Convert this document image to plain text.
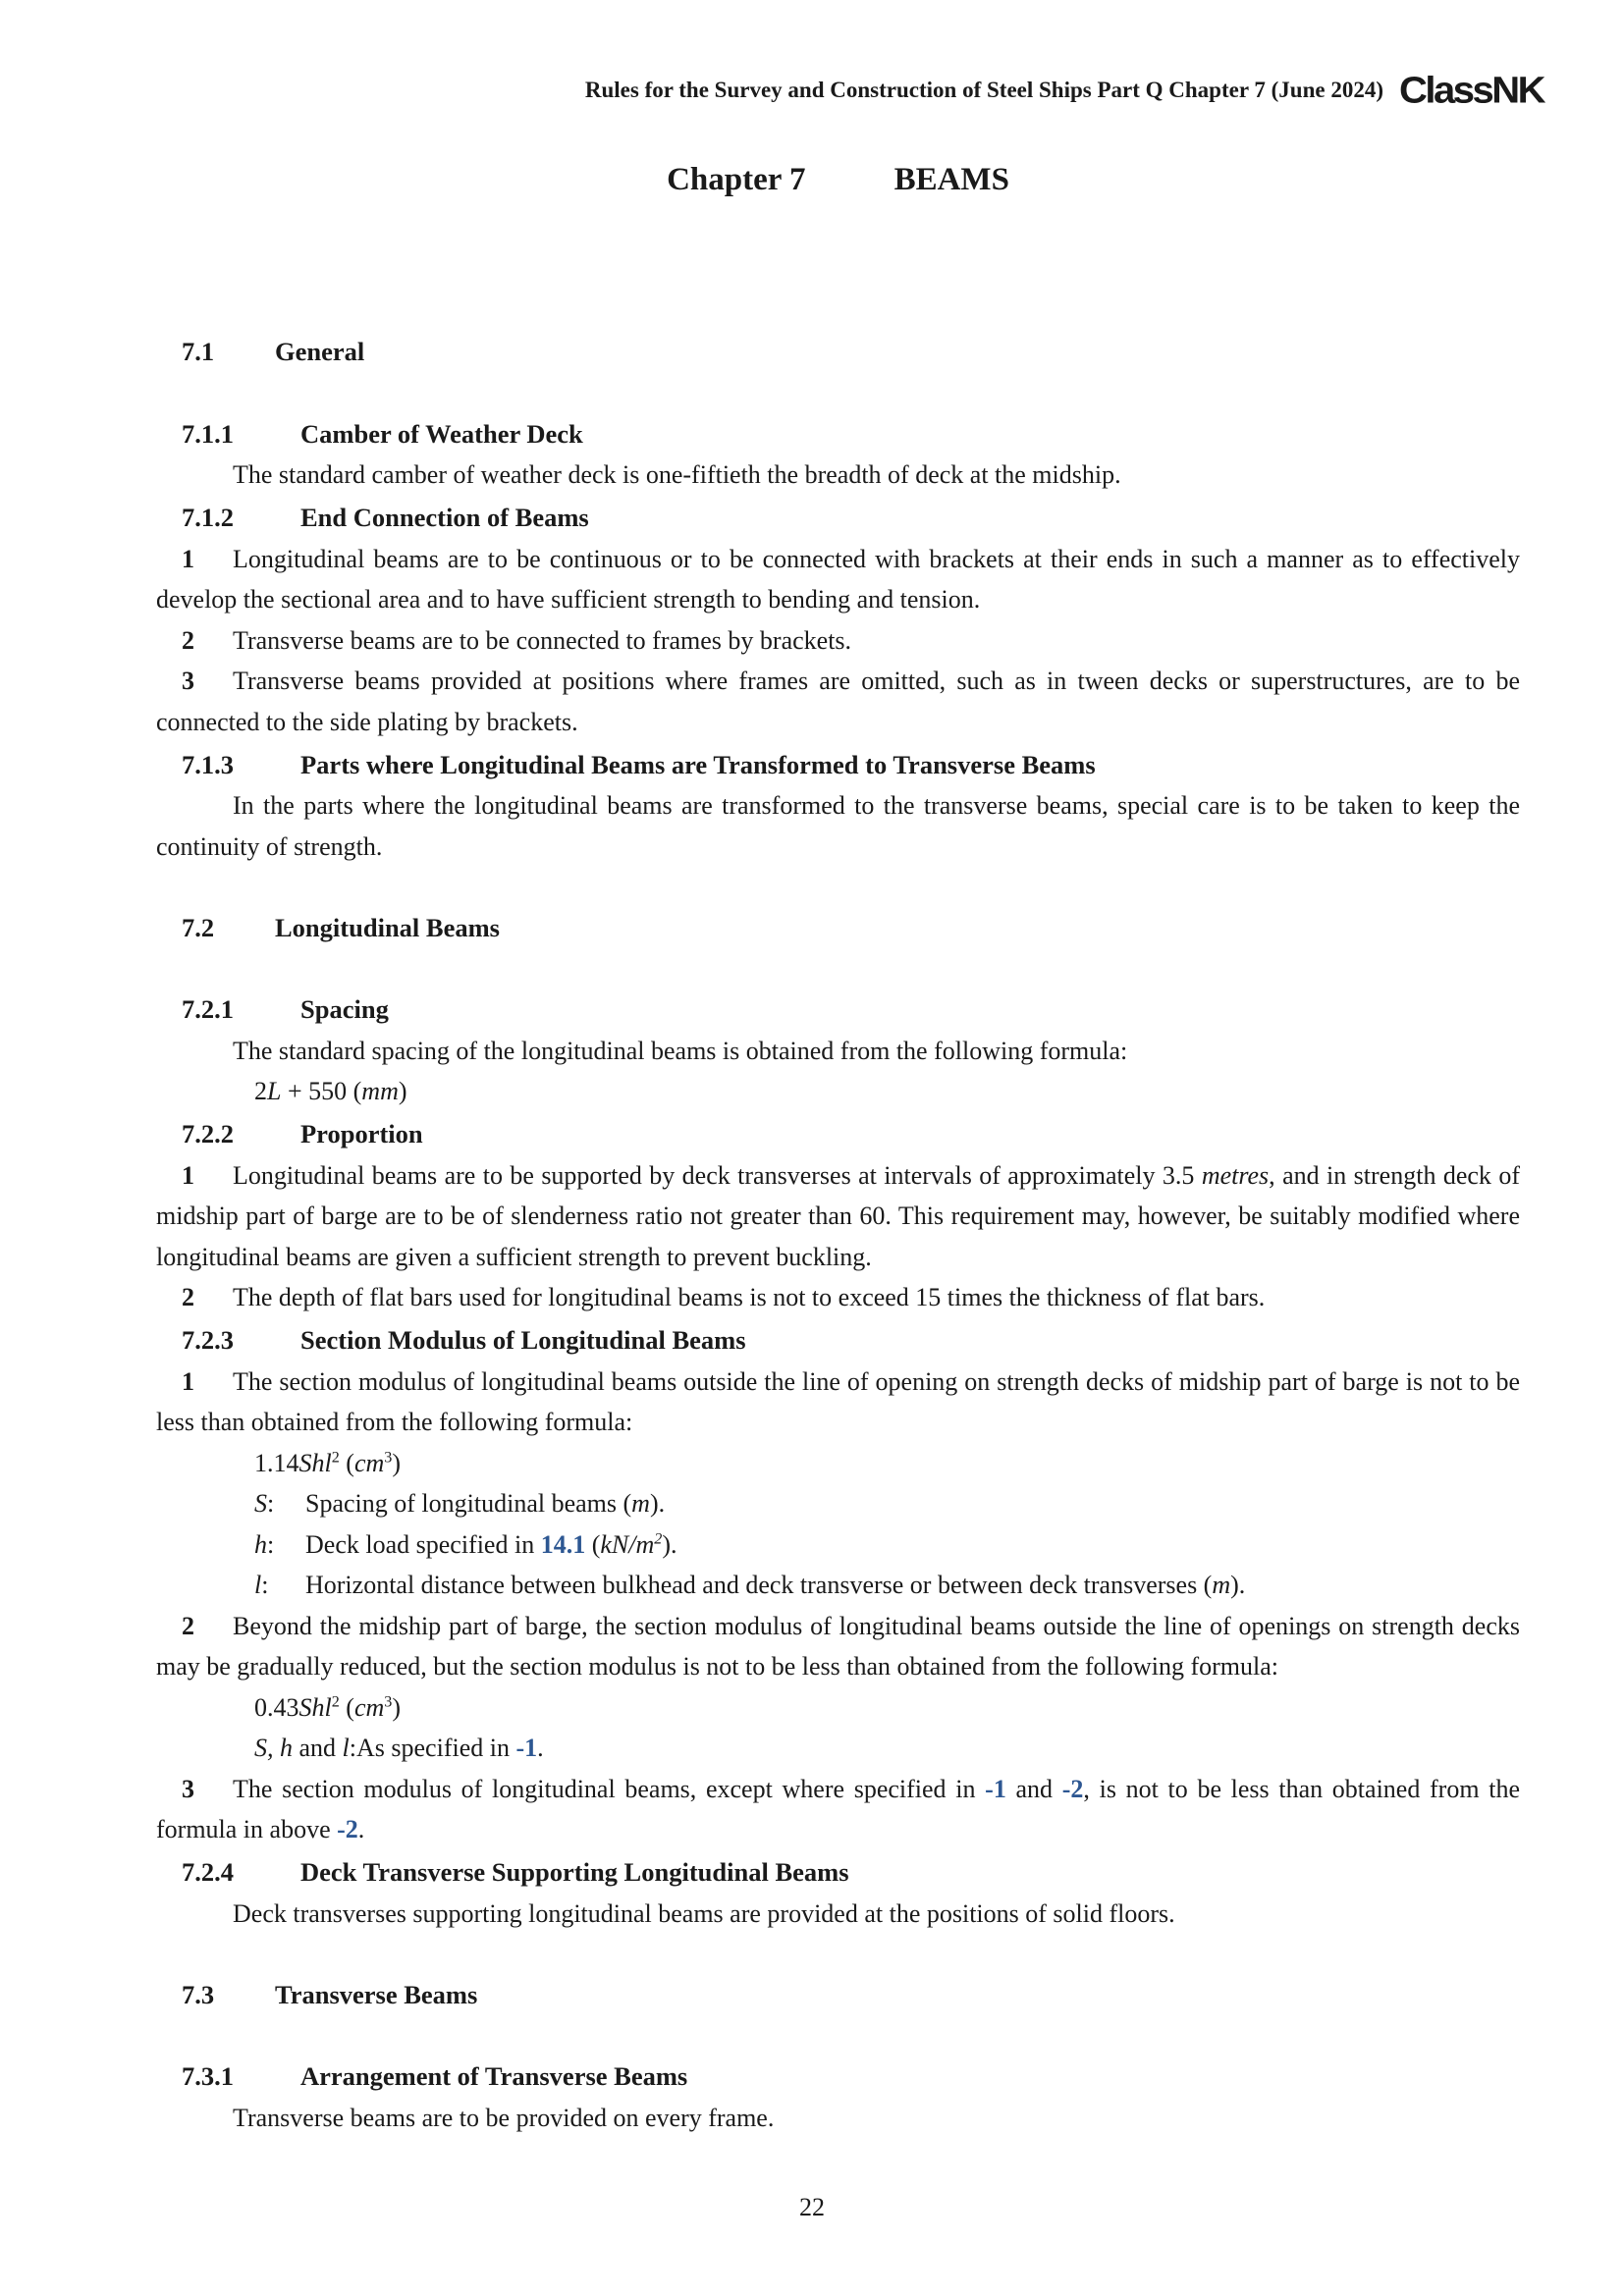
Rules for the Survey and Construction of Steel Ships Part Q Chapter 7 (June 2024) ClassNK
Chapter 7	BEAMS

7.1 General

7.1.1	Camber of Weather Deck

The standard camber of weather deck is one-fiftieth the breadth of deck at the midship.

7.1.2	End Connection of Beams

1 Longitudinal beams are to be continuous or to be connected with brackets at their ends in such a manner as to effectively develop the sectional area and to have sufficient strength to bending and tension.

2 Transverse beams are to be connected to frames by brackets.

3 Transverse beams provided at positions where frames are omitted, such as in tween decks or superstructures, are to be connected to the side plating by brackets.

7.1.3	Parts where Longitudinal Beams are Transformed to Transverse Beams

In the parts where the longitudinal beams are transformed to the transverse beams, special care is to be taken to keep the continuity of strength.

7.2 Longitudinal Beams

7.2.1	Spacing

The standard spacing of the longitudinal beams is obtained from the following formula:

2L + 550 (mm)

7.2.2	Proportion

1 Longitudinal beams are to be supported by deck transverses at intervals of approximately 3.5 metres, and in strength deck of midship part of barge are to be of slenderness ratio not greater than 60. This requirement may, however, be suitably modified where longitudinal beams are given a sufficient strength to prevent buckling.

2 The depth of flat bars used for longitudinal beams is not to exceed 15 times the thickness of flat bars.

7.2.3	Section Modulus of Longitudinal Beams

1 The section modulus of longitudinal beams outside the line of opening on strength decks of midship part of barge is not to be less than obtained from the following formula:

1.14Shl$^2$ $(cm^3)$

S: Spacing of longitudinal beams (m).

h: Deck load specified in 14.1 $(kN/m^2)$.

l: Horizontal distance between bulkhead and deck transverse or between deck transverses (m).

2 Beyond the midship part of barge, the section modulus of longitudinal beams outside the line of openings on strength decks may be gradually reduced, but the section modulus is not to be less than obtained from the following formula:

0.43Shl$^2$ $(cm^3)$

S, h and l:As specified in -1.

3 The section modulus of longitudinal beams, except where specified in -1 and -2, is not to be less than obtained from the formula in above -2.

7.2.4	Deck Transverse Supporting Longitudinal Beams

Deck transverses supporting longitudinal beams are provided at the positions of solid floors.

7.3 Transverse Beams

7.3.1	Arrangement of Transverse Beams

Transverse beams are to be provided on every frame.

22
